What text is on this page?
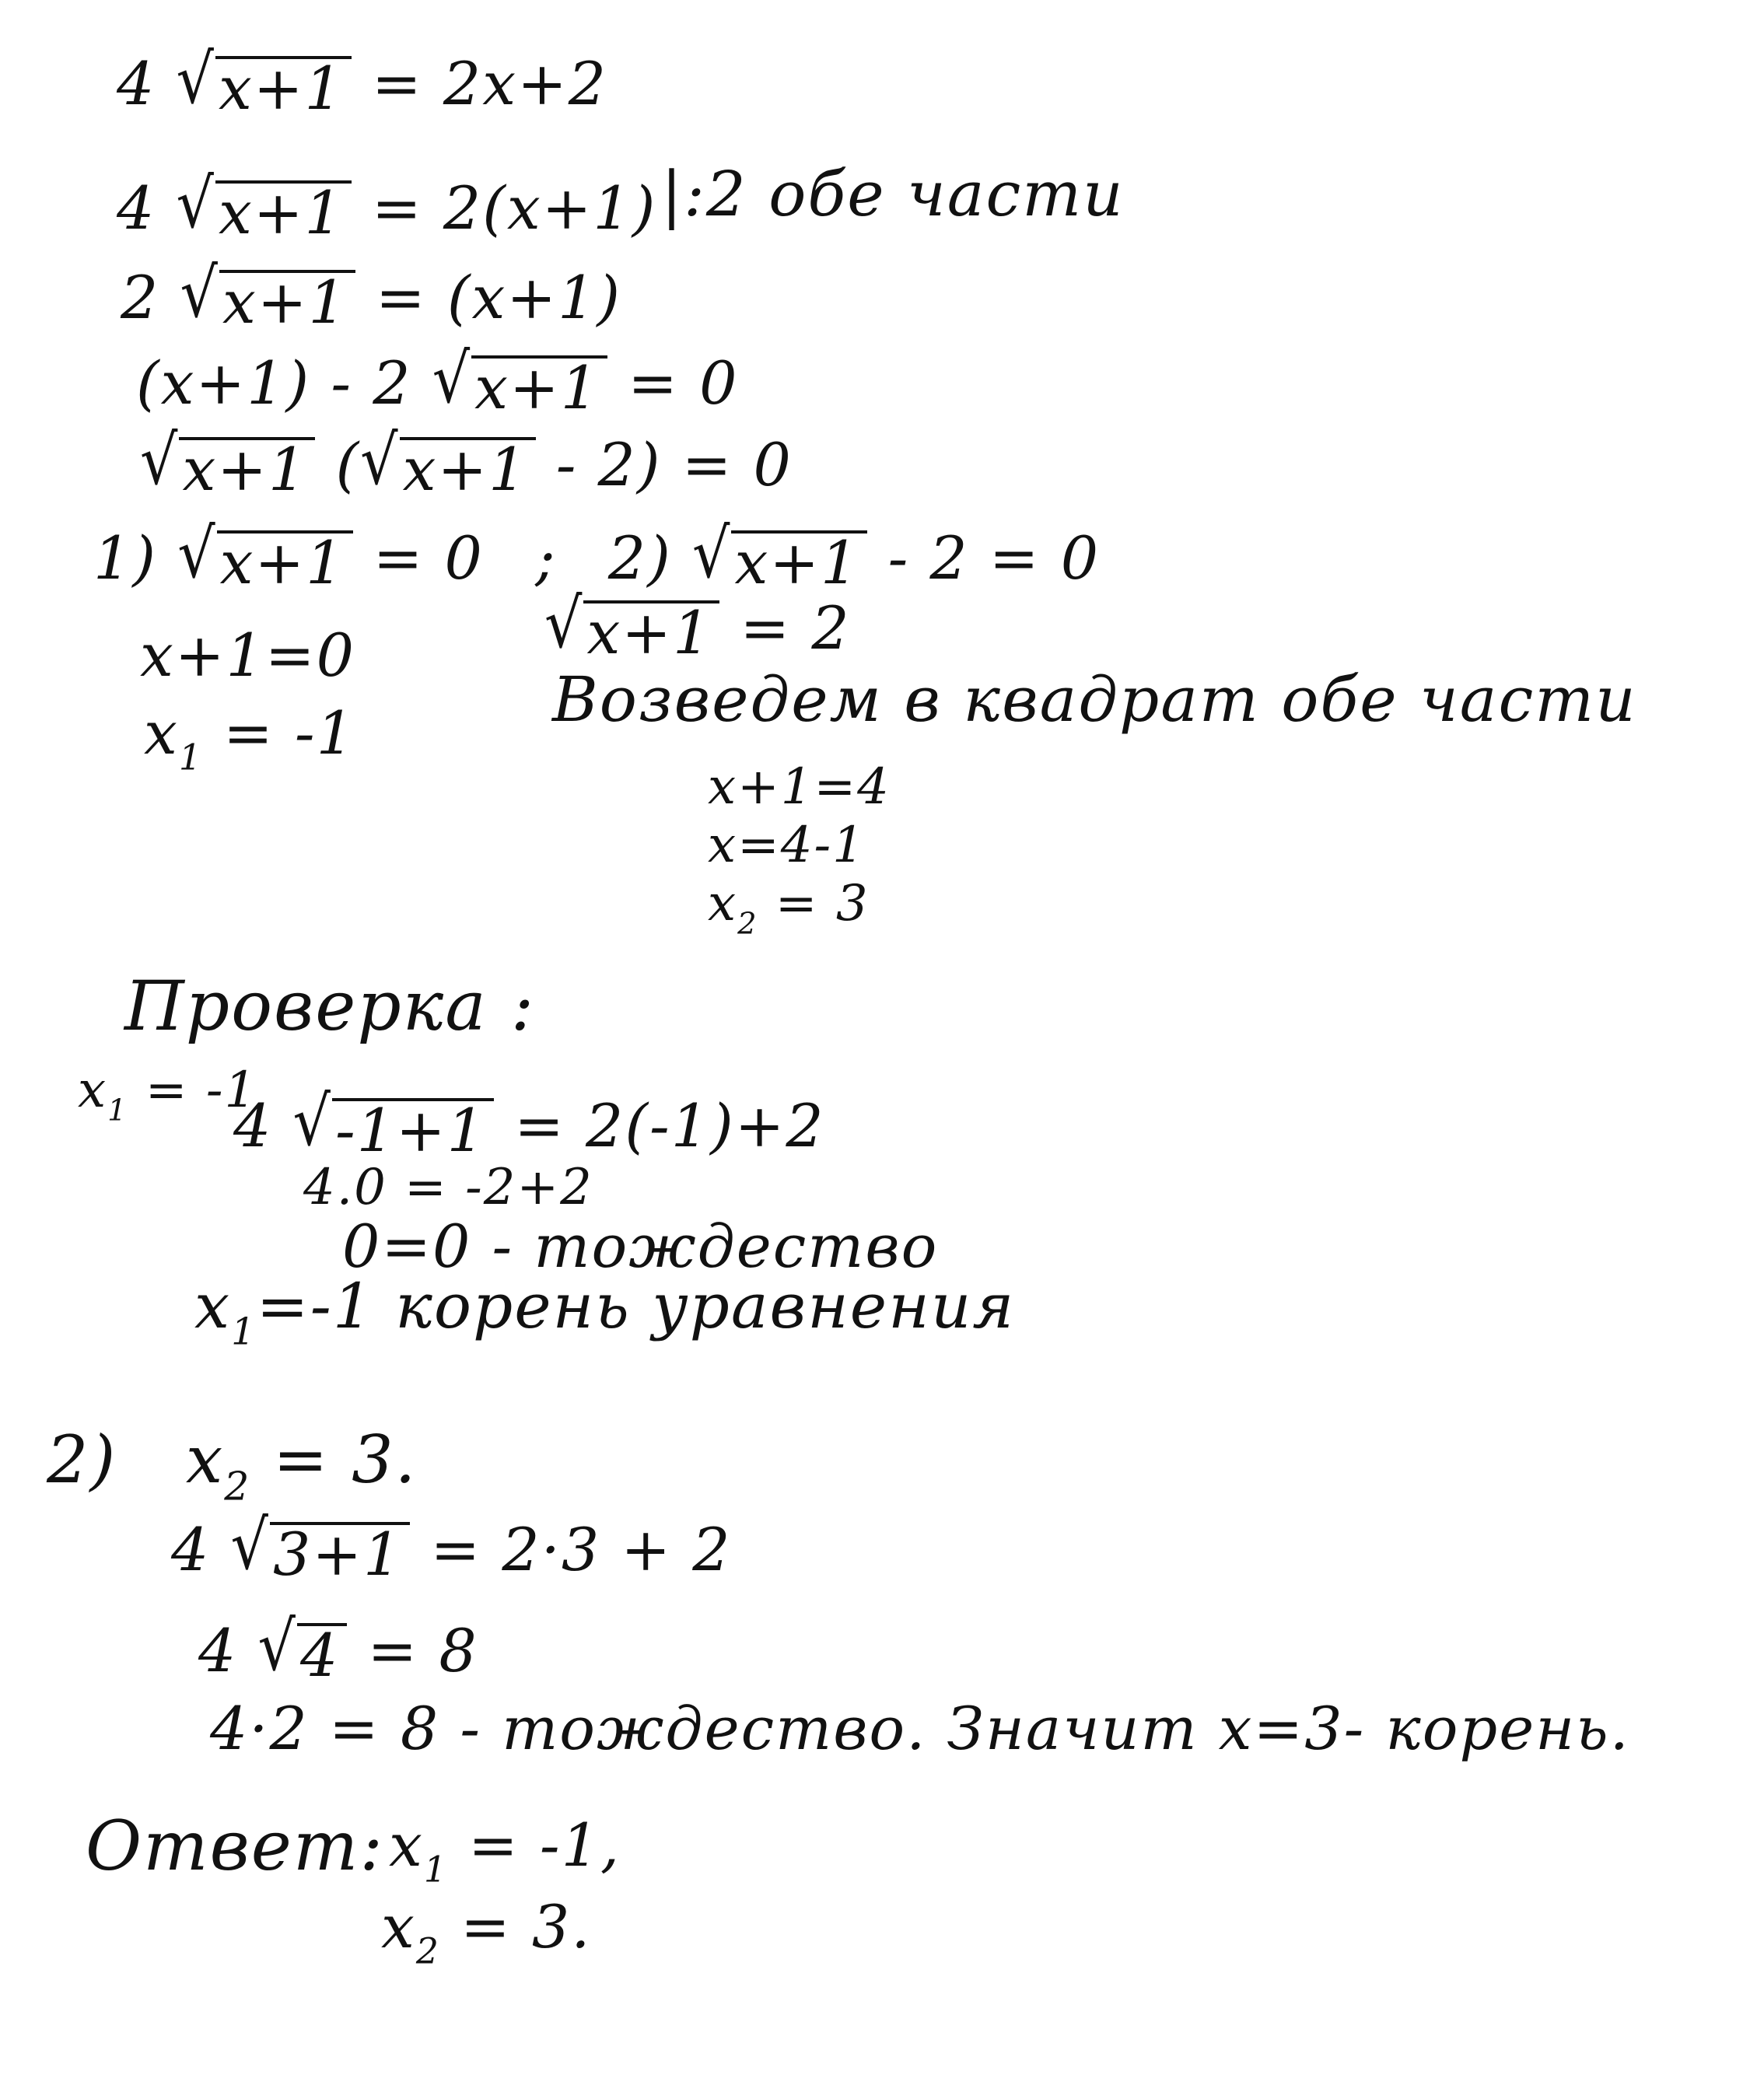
4 √ x+1 = 2x+2
4 √ x+1 = 2(x+1) |:2 обе части
2 √ x+1 = (x+1)
(x+1) - 2 √ x+1 = 0
√ x+1 ( √ x+1 - 2) = 0
1) √ x+1 = 0 ; 2) √ x+1 - 2 = 0
x+1=0	√ x+1 = 2
$x_1 = -1$	Возведем в квадрат обе части
x+1=4
x=4-1
$x_2 = 3$
Проверка :
$x_1 = -1$
4 √ -1+1 = 2(-1)+2
4.0 = -2+2
0=0 - тождество
$x_1=-1$ корень уравнения
2) $x_2 = 3$.
4 √ 3+1 = 2·3 + 2
4 √ 4 = 8
4·2 = 8 - тождество. Значит x=3- корень.
Ответ: $x_1 = -1$,
$x_2 = 3$.
